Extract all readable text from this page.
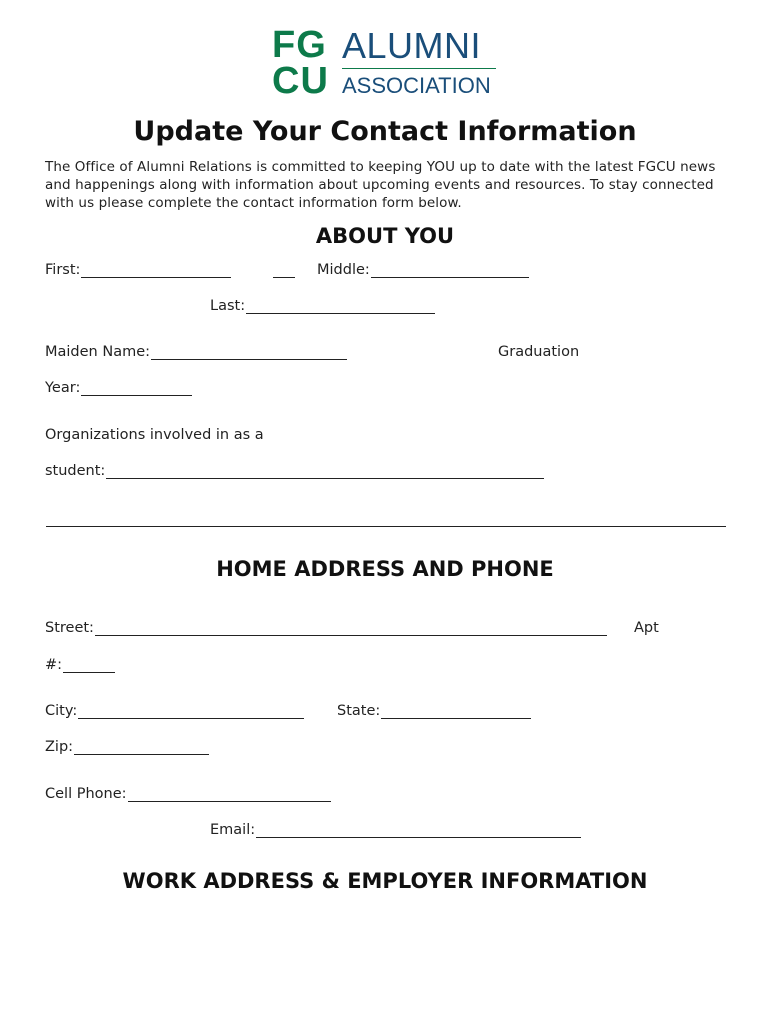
FG
CU
ALUMNI
ASSOCIATION
Update Your Contact Information
The Office of Alumni Relations is committed to keeping YOU up to date with the latest FGCU news and happenings along with information about upcoming events and resources. To stay connected with us please complete the contact information form below.
ABOUT YOU
First:	Middle:
Last:
Maiden Name:	Graduation
Year:
Organizations involved in as a
student:
HOME ADDRESS AND PHONE
Street:	Apt
#:
City:	State:
Zip:
Cell Phone:
Email:
WORK ADDRESS & EMPLOYER INFORMATION
